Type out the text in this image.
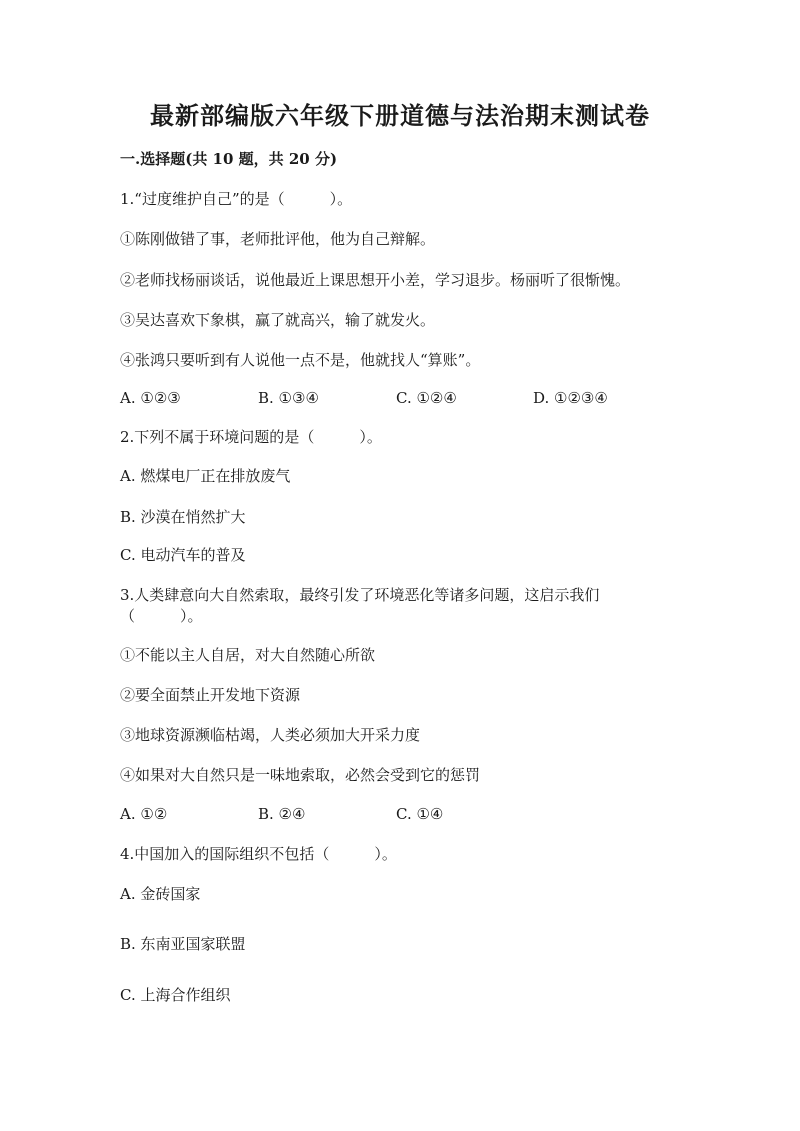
最新部编版六年级下册道德与法治期末测试卷
一.选择题(共 10 题，共 20 分)
1.“过度维护自己”的是（　　　）。
①陈刚做错了事，老师批评他，他为自己辩解。
②老师找杨丽谈话，说他最近上课思想开小差，学习退步。杨丽听了很惭愧。
③吴达喜欢下象棋，赢了就高兴，输了就发火。
④张鸿只要听到有人说他一点不是，他就找人“算账”。
A. ①②③	B. ①③④	C. ①②④	D. ①②③④
2.下列不属于环境问题的是（　　　）。
A. 燃煤电厂正在排放废气
B. 沙漠在悄然扩大
C. 电动汽车的普及
3.人类肆意向大自然索取，最终引发了环境恶化等诸多问题，这启示我们
（　　　）。
①不能以主人自居，对大自然随心所欲
②要全面禁止开发地下资源
③地球资源濒临枯竭，人类必须加大开采力度
④如果对大自然只是一味地索取，必然会受到它的惩罚
A. ①②	B. ②④	C. ①④
4.中国加入的国际组织不包括（　　　）。
A. 金砖国家
B. 东南亚国家联盟
C. 上海合作组织
